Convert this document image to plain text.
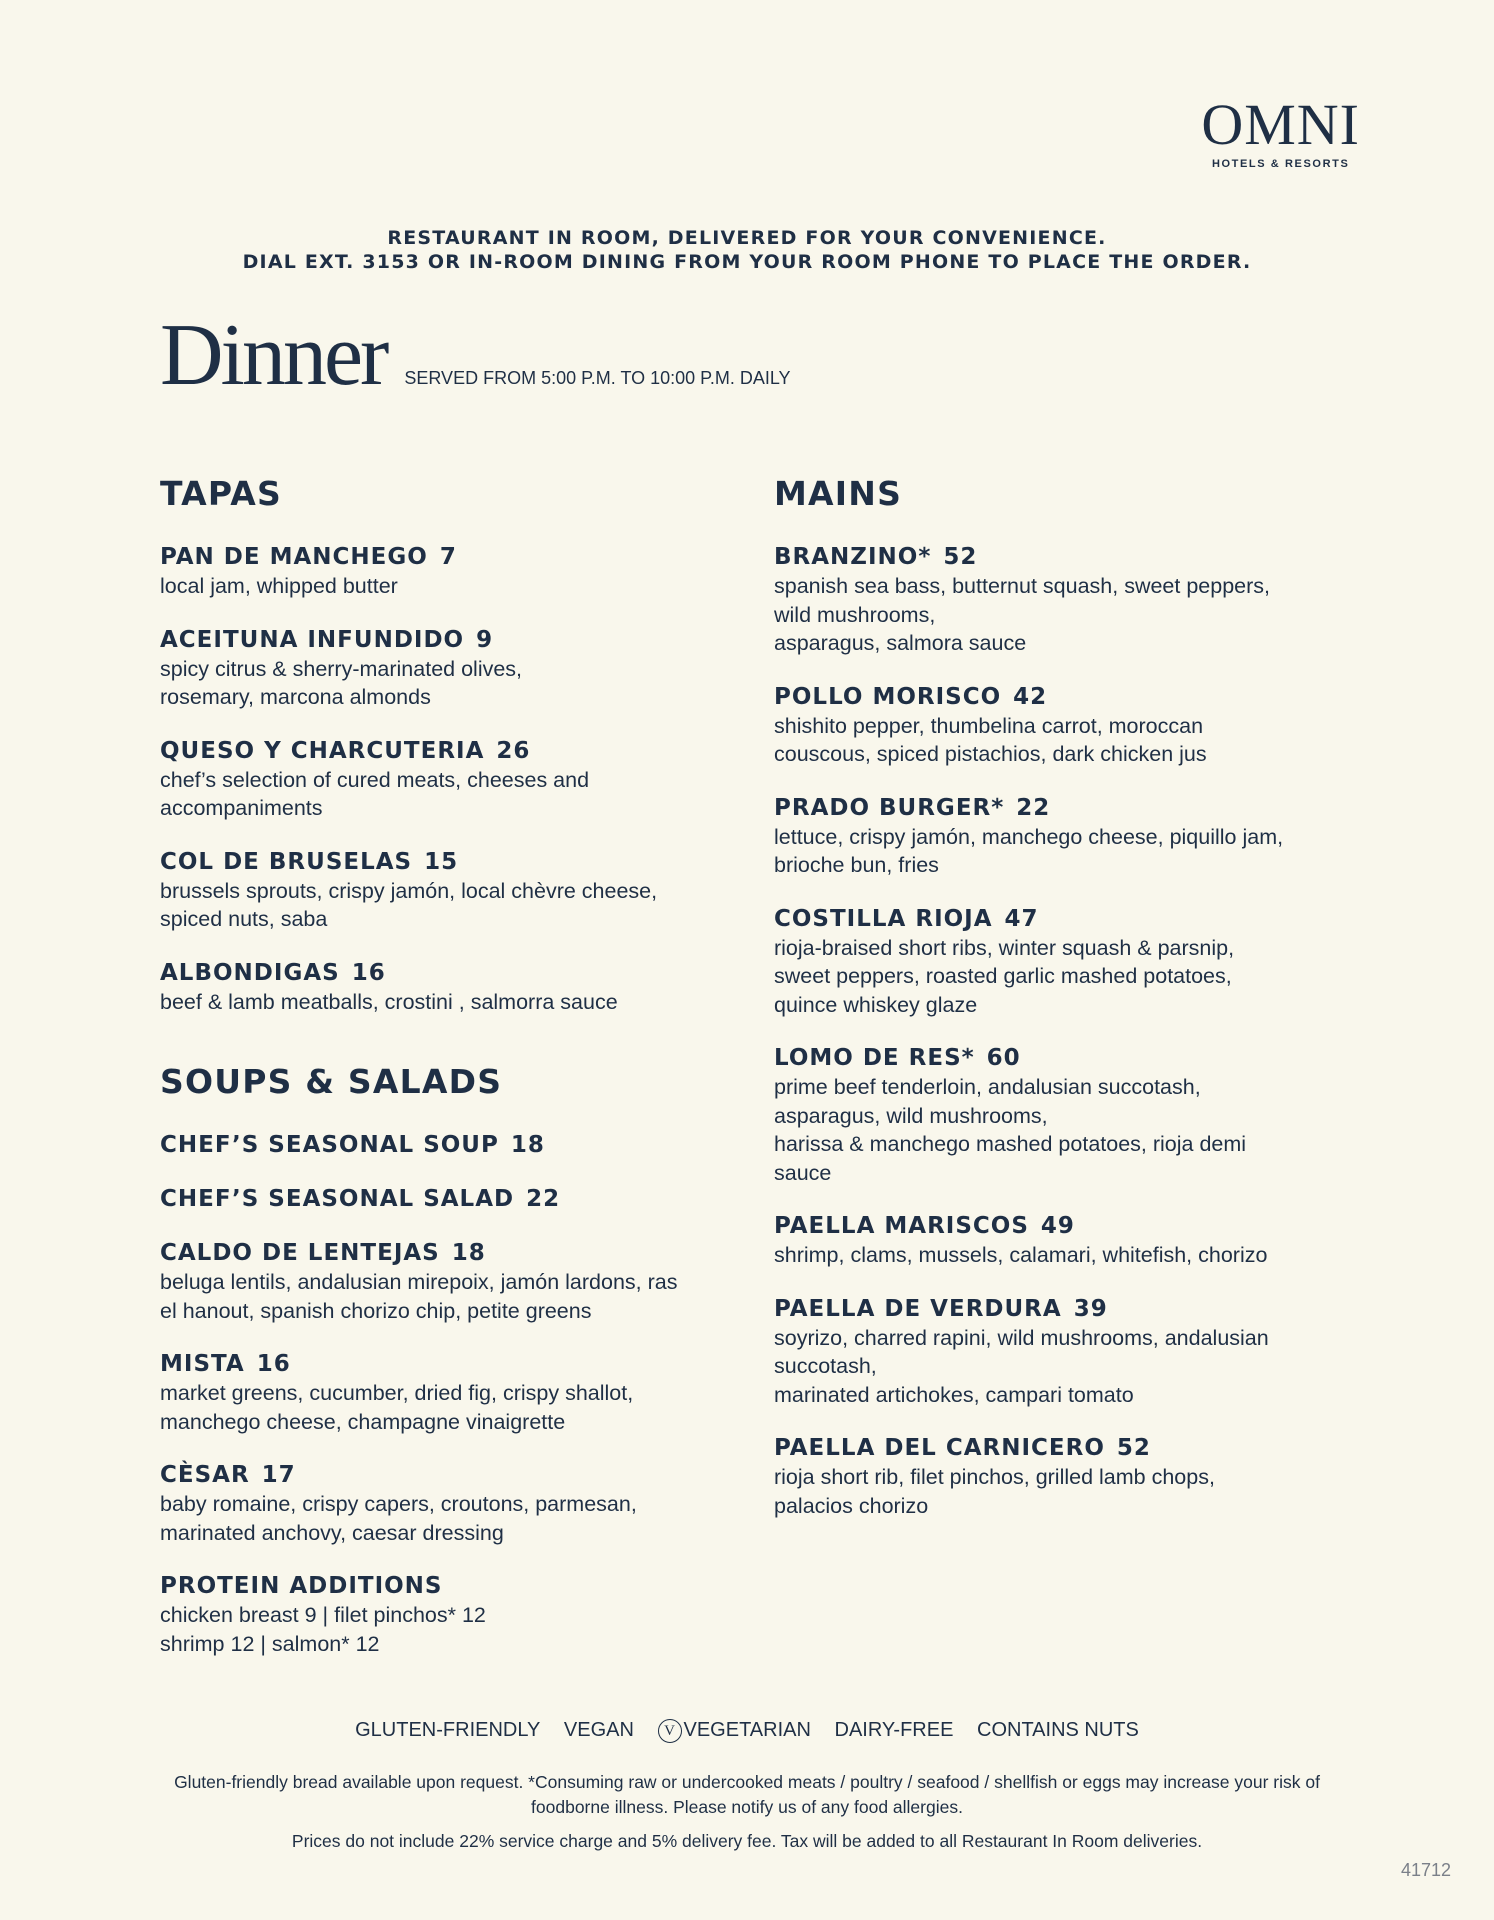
OMNI
HOTELS & RESORTS
RESTAURANT IN ROOM, DELIVERED FOR YOUR CONVENIENCE.
DIAL EXT. 3153 OR IN-ROOM DINING FROM YOUR ROOM PHONE TO PLACE THE ORDER.
Dinner SERVED FROM 5:00 P.M. TO 10:00 P.M. DAILY
TAPAS
PAN DE MANCHEGO 7
local jam, whipped butter
ACEITUNA INFUNDIDO 9
spicy citrus & sherry-marinated olives,
rosemary, marcona almonds
QUESO Y CHARCUTERIA 26
chef’s selection of cured meats, cheeses and
accompaniments
COL DE BRUSELAS 15
brussels sprouts, crispy jamón, local chèvre cheese,
spiced nuts, saba
ALBONDIGAS 16
beef & lamb meatballs, crostini , salmorra sauce
SOUPS & SALADS
CHEF’S SEASONAL SOUP 18
CHEF’S SEASONAL SALAD 22
CALDO DE LENTEJAS 18
beluga lentils, andalusian mirepoix, jamón lardons, ras
el hanout, spanish chorizo chip, petite greens
MISTA 16
market greens, cucumber, dried fig, crispy shallot,
manchego cheese, champagne vinaigrette
CÈSAR 17
baby romaine, crispy capers, croutons, parmesan,
marinated anchovy, caesar dressing
PROTEIN ADDITIONS
chicken breast 9 | filet pinchos* 12
shrimp 12 | salmon* 12
MAINS
BRANZINO* 52
spanish sea bass, butternut squash, sweet peppers,
wild mushrooms,
asparagus, salmora sauce
POLLO MORISCO 42
shishito pepper, thumbelina carrot, moroccan
couscous, spiced pistachios, dark chicken jus
PRADO BURGER* 22
lettuce, crispy jamón, manchego cheese, piquillo jam,
brioche bun, fries
COSTILLA RIOJA 47
rioja-braised short ribs, winter squash & parsnip,
sweet peppers, roasted garlic mashed potatoes,
quince whiskey glaze
LOMO DE RES* 60
prime beef tenderloin, andalusian succotash,
asparagus, wild mushrooms,
harissa & manchego mashed potatoes, rioja demi
sauce
PAELLA MARISCOS 49
shrimp, clams, mussels, calamari, whitefish, chorizo
PAELLA DE VERDURA 39
soyrizo, charred rapini, wild mushrooms, andalusian
succotash,
marinated artichokes, campari tomato
PAELLA DEL CARNICERO 52
rioja short rib, filet pinchos, grilled lamb chops,
palacios chorizo
GLUTEN-FRIENDLY VEGAN V VEGETARIAN DAIRY-FREE CONTAINS NUTS
Gluten-friendly bread available upon request. *Consuming raw or undercooked meats / poultry / seafood / shellfish or eggs may increase your risk of foodborne illness. Please notify us of any food allergies.
Prices do not include 22% service charge and 5% delivery fee. Tax will be added to all Restaurant In Room deliveries.
41712
